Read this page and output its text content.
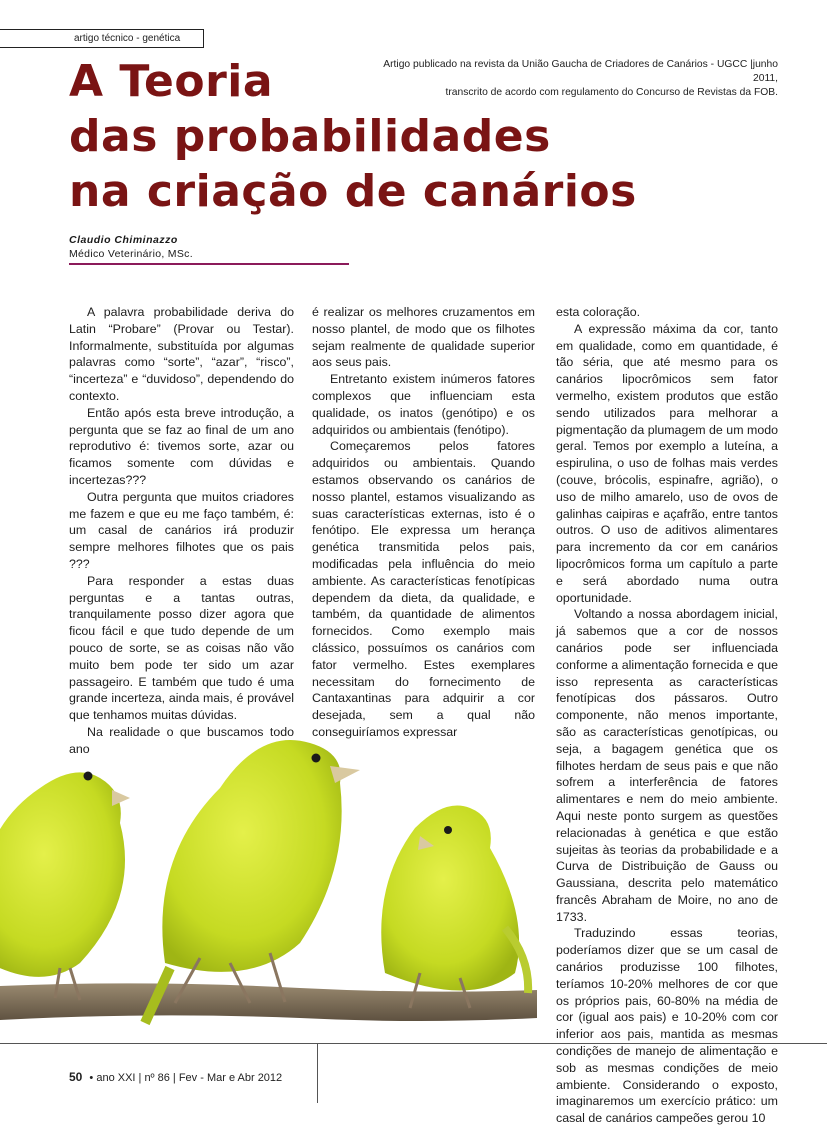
artigo técnico - genética
Artigo publicado na revista da União Gaucha de Criadores de Canários - UGCC |junho 2011,
transcrito de acordo com regulamento do Concurso de Revistas da FOB.
A Teoria
das probabilidades
na criação de canários
Claudio Chiminazzo
Médico Veterinário, MSc.

A palavra probabilidade deriva do Latin “Probare” (Provar ou Testar). Informalmente, substituída por algumas palavras como “sorte”, “azar”, “risco”, “incerteza” e “duvidoso”, dependendo do contexto.

Então após esta breve introdução, a pergunta que se faz ao final de um ano reprodutivo é: tivemos sorte, azar ou ficamos somente com dúvidas e incertezas???

Outra pergunta que muitos criadores me fazem e que eu me faço também, é: um casal de canários irá produzir sempre melhores filhotes que os pais ???

Para responder a estas duas perguntas e a tantas outras, tranquilamente posso dizer agora que ficou fácil e que tudo depende de um pouco de sorte, se as coisas não vão muito bem pode ter sido um azar passageiro. E também que tudo é uma grande incerteza, ainda mais, é provável que tenhamos muitas dúvidas.

Na realidade o que buscamos todo ano

é realizar os melhores cruzamentos em nosso plantel, de modo que os filhotes sejam realmente de qualidade superior aos seus pais.

Entretanto existem inúmeros fatores complexos que influenciam esta qualidade, os inatos (genótipo) e os adquiridos ou ambientais (fenótipo).

Começaremos pelos fatores adquiridos ou ambientais. Quando estamos observando os canários de nosso plantel, estamos visualizando as suas características externas, isto é o fenótipo. Ele expressa um herança genética transmitida pelos pais, modificadas pela influência do meio ambiente. As características fenotípicas dependem da dieta, da qualidade, e também, da quantidade de alimentos fornecidos. Como exemplo mais clássico, possuímos os canários com fator vermelho. Estes exemplares necessitam do fornecimento de Cantaxantinas para adquirir a cor desejada, sem a qual não conseguiríamos expressar

esta coloração.

A expressão máxima da cor, tanto em qualidade, como em quantidade, é tão séria, que até mesmo para os canários lipocrômicos sem fator vermelho, existem produtos que estão sendo utilizados para melhorar a pigmentação da plumagem de um modo geral. Temos por exemplo a luteína, a espirulina, o uso de folhas mais verdes (couve, brócolis, espinafre, agrião), o uso de milho amarelo, uso de ovos de galinhas caipiras e açafrão, entre tantos outros. O uso de aditivos alimentares para incremento da cor em canários lipocrômicos forma um capítulo a parte e será abordado numa outra oportunidade.

Voltando a nossa abordagem inicial, já sabemos que a cor de nossos canários pode ser influenciada conforme a alimentação fornecida e que isso representa as características fenotípicas dos pássaros. Outro componente, não menos importante, são as características genotípicas, ou seja, a bagagem genética que os filhotes herdam de seus pais e que não sofrem a interferência de fatores alimentares e nem do meio ambiente. Aqui neste ponto surgem as questões relacionadas à genética e que estão sujeitas às teorias da probabilidade e a Curva de Distribuição de Gauss ou Gaussiana, descrita pelo matemático francês Abraham de Moire, no ano de 1733.

Traduzindo essas teorias, poderíamos dizer que se um casal de canários produzisse 100 filhotes, teríamos 10-20% melhores de cor que os próprios pais, 60-80% na média de cor (igual aos pais) e 10-20% com cor inferior aos pais, mantida as mesmas condições de manejo de alimentação e sob as mesmas condições de meio ambiente. Considerando o exposto, imaginaremos um exercício prático: um casal de canários campeões gerou 10

50 • ano XXI | nº 86 | Fev - Mar e Abr 2012
